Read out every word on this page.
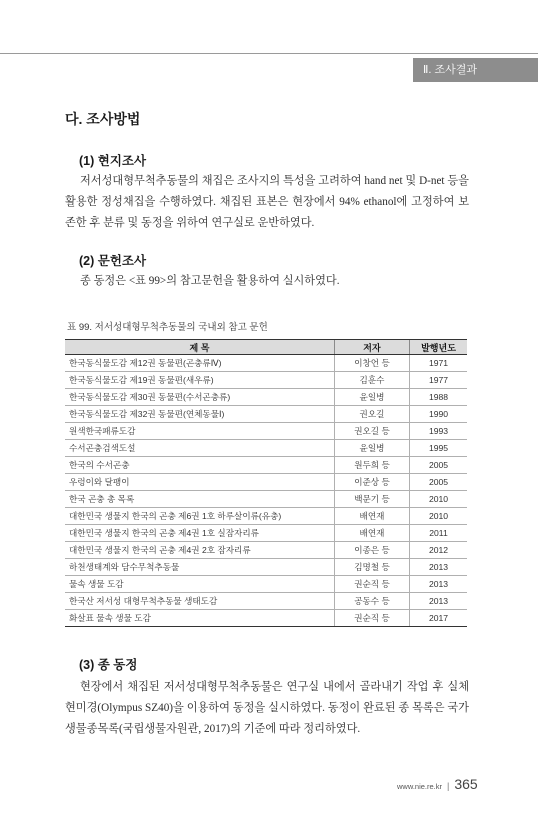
Ⅱ. 조사결과
다. 조사방법
(1) 현지조사

저서성대형무척추동물의 채집은 조사지의 특성을 고려하여 hand net 및 D-net 등을 활용한 정성채집을 수행하였다. 채집된 표본은 현장에서 94% ethanol에 고정하여 보존한 후 분류 및 동정을 위하여 연구실로 운반하였다.

(2) 문헌조사

종 동정은 <표 99>의 참고문헌을 활용하여 실시하였다.

표 99. 저서성대형무척추동물의 국내외 참고 문헌
제 목	저자	발행년도
한국동식물도감 제12권 동물편(곤충류Ⅳ)	이창언 등	1971
한국동식물도감 제19권 동물편(새우류)	김훈수	1977
한국동식물도감 제30권 동물편(수서곤충류)	윤일병	1988
한국동식물도감 제32권 동물편(연체동물Ⅰ)	권오길	1990
원색한국패류도감	권오길 등	1993
수서곤충검색도설	윤일병	1995
한국의 수서곤충	원두희 등	2005
우렁이와 달팽이	이준상 등	2005
한국 곤충 총 목록	백문기 등	2010
대한민국 생물지 한국의 곤충 제6권 1호 하루살이류(유충)	배연재	2010
대한민국 생물지 한국의 곤충 제4권 1호 실잠자리류	배연재	2011
대한민국 생물지 한국의 곤충 제4권 2호 잠자리류	이종은 등	2012
하천생태계와 담수무척추동물	김명철 등	2013
물속 생물 도감	권순직 등	2013
한국산 저서성 대형무척추동물 생태도감	공동수 등	2013
화살표 물속 생물 도감	권순직 등	2017
(3) 종 동정

현장에서 채집된 저서성대형무척추동물은 연구실 내에서 골라내기 작업 후 실체현미경(Olympus SZ40)을 이용하여 동정을 실시하였다. 동정이 완료된 종 목록은 국가생물종목록(국립생물자원관, 2017)의 기준에 따라 정리하였다.

www.nie.re.kr | 365
